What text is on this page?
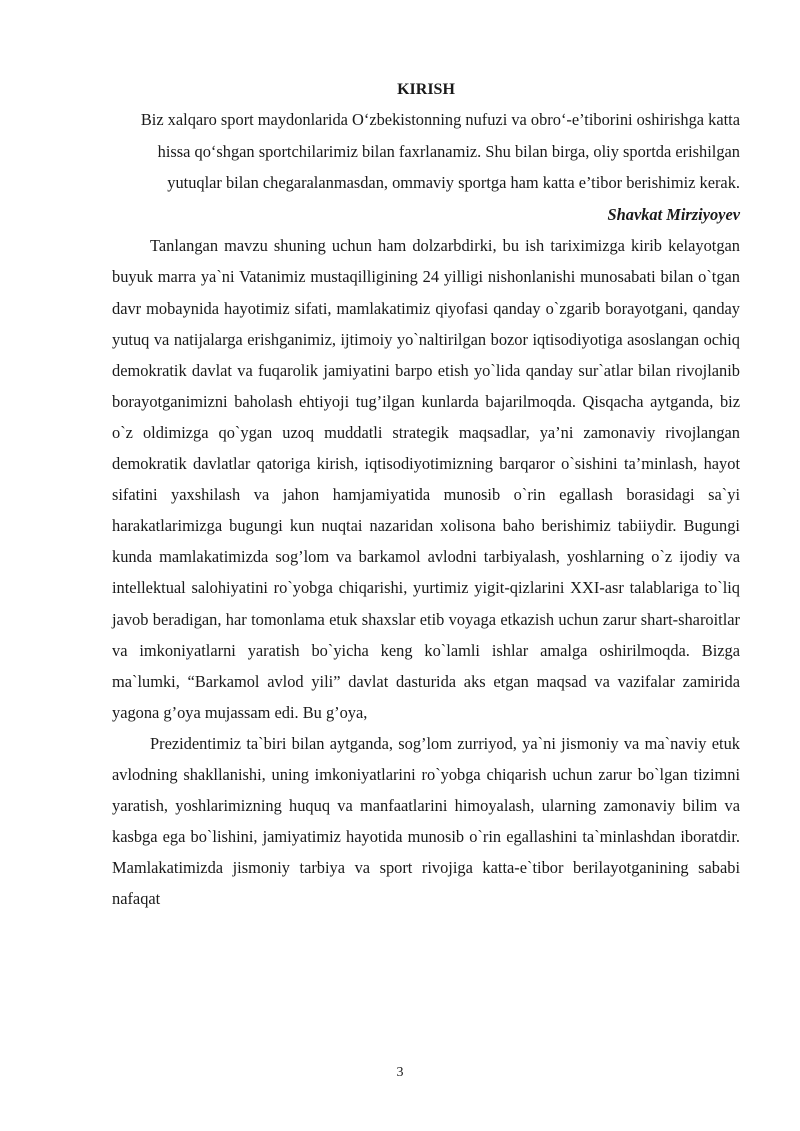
KIRISH

Biz xalqaro sport maydonlarida O‘zbekistonning nufuzi va obro‘-e’tiborini oshirishga katta hissa qo‘shgan sportchilarimiz bilan faxrlanamiz. Shu bilan birga, oliy sportda erishilgan yutuqlar bilan chegaralanmasdan, ommaviy sportga ham katta e’tibor berishimiz kerak.

Shavkat Mirziyoyev

Tanlangan mavzu shuning uchun ham dolzarbdirki, bu ish tariximizga kirib kelayotgan buyuk marra ya`ni Vatanimiz mustaqilligining 24 yilligi nishonlanishi munosabati bilan o`tgan davr mobaynida hayotimiz sifati, mamlakatimiz qiyofasi qanday o`zgarib borayotgani, qanday yutuq va natijalarga erishganimiz, ijtimoiy yo`naltirilgan bozor iqtisodiyotiga asoslangan ochiq demokratik davlat va fuqarolik jamiyatini barpo etish yo`lida qanday sur`atlar bilan rivojlanib borayotganimizni baholash ehtiyoji tug’ilgan kunlarda bajarilmoqda. Qisqacha aytganda, biz o`z oldimizga qo`ygan uzoq muddatli strategik maqsadlar, ya’ni zamonaviy rivojlangan demokratik davlatlar qatoriga kirish, iqtisodiyotimizning barqaror o`sishini ta’minlash, hayot sifatini yaxshilash va jahon hamjamiyatida munosib o`rin egallash borasidagi sa`yi harakatlarimizga bugungi kun nuqtai nazaridan xolisona baho berishimiz tabiiydir. Bugungi kunda mamlakatimizda sog’lom va barkamol avlodni tarbiyalash, yoshlarning o`z ijodiy va intellektual salohiyatini ro`yobga chiqarishi, yurtimiz yigit-qizlarini XXI-asr talablariga to`liq javob beradigan, har tomonlama etuk shaxslar etib voyaga etkazish uchun zarur shart-sharoitlar va imkoniyatlarni yaratish bo`yicha keng ko`lamli ishlar amalga oshirilmoqda. Bizga ma`lumki, “Barkamol avlod yili” davlat dasturida aks etgan maqsad va vazifalar zamirida yagona g’oya mujassam edi. Bu g’oya,

Prezidentimiz ta`biri bilan aytganda, sog’lom zurriyod, ya`ni jismoniy va ma`naviy etuk avlodning shakllanishi, uning imkoniyatlarini ro`yobga chiqarish uchun zarur bo`lgan tizimni yaratish, yoshlarimizning huquq va manfaatlarini himoyalash, ularning zamonaviy bilim va kasbga ega bo`lishini, jamiyatimiz hayotida munosib o`rin egallashini ta`minlashdan iboratdir. Mamlakatimizda jismoniy tarbiya va sport rivojiga katta-e`tibor berilayotganining sababi nafaqat

3
